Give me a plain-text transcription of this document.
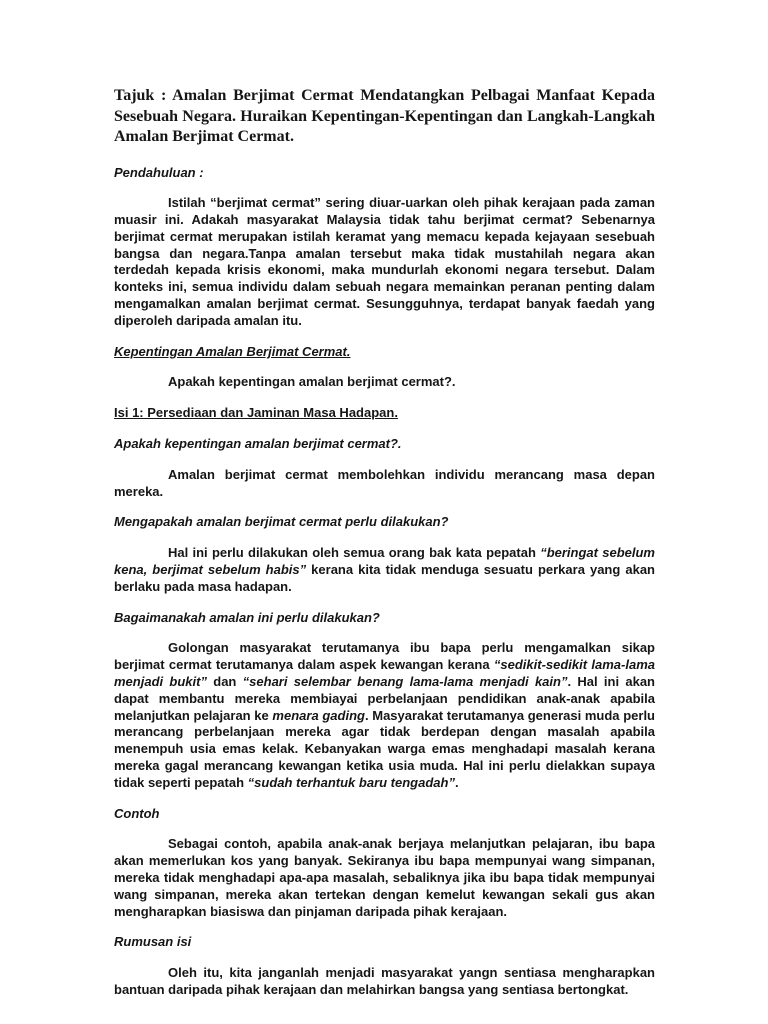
Tajuk : Amalan Berjimat Cermat Mendatangkan Pelbagai Manfaat Kepada Sesebuah Negara. Huraikan Kepentingan-Kepentingan dan Langkah-Langkah Amalan Berjimat Cermat.

Pendahuluan :

Istilah “berjimat cermat” sering diuar-uarkan oleh pihak kerajaan pada zaman muasir ini. Adakah masyarakat Malaysia tidak tahu berjimat cermat? Sebenarnya berjimat cermat merupakan istilah keramat yang memacu kepada kejayaan sesebuah bangsa dan negara.Tanpa amalan tersebut maka tidak mustahilah negara akan terdedah kepada krisis ekonomi, maka mundurlah ekonomi negara tersebut. Dalam konteks ini, semua individu dalam sebuah negara memainkan peranan penting dalam mengamalkan amalan berjimat cermat. Sesungguhnya, terdapat banyak faedah yang diperoleh daripada amalan itu.

Kepentingan Amalan Berjimat Cermat.

Apakah kepentingan amalan berjimat cermat?.

Isi 1: Persediaan dan Jaminan Masa Hadapan.

Apakah kepentingan amalan berjimat cermat?.

Amalan berjimat cermat membolehkan individu merancang masa depan mereka.

Mengapakah amalan berjimat cermat perlu dilakukan?

Hal ini perlu dilakukan oleh semua orang bak kata pepatah “beringat sebelum kena, berjimat sebelum habis” kerana kita tidak menduga sesuatu perkara yang akan berlaku pada masa hadapan.

Bagaimanakah amalan ini perlu dilakukan?

Golongan masyarakat terutamanya ibu bapa perlu mengamalkan sikap berjimat cermat terutamanya dalam aspek kewangan kerana “sedikit-sedikit lama-lama menjadi bukit” dan “sehari selembar benang lama-lama menjadi kain”. Hal ini akan dapat membantu mereka membiayai perbelanjaan pendidikan anak-anak apabila melanjutkan pelajaran ke menara gading. Masyarakat terutamanya generasi muda perlu merancang perbelanjaan mereka agar tidak berdepan dengan masalah apabila menempuh usia emas kelak. Kebanyakan warga emas menghadapi masalah kerana mereka gagal merancang kewangan ketika usia muda. Hal ini perlu dielakkan supaya tidak seperti pepatah “sudah terhantuk baru tengadah”.

Contoh

Sebagai contoh, apabila anak-anak berjaya melanjutkan pelajaran, ibu bapa akan memerlukan kos yang banyak. Sekiranya ibu bapa mempunyai wang simpanan, mereka tidak menghadapi apa-apa masalah, sebaliknya jika ibu bapa tidak mempunyai wang simpanan, mereka akan tertekan dengan kemelut kewangan sekali gus akan mengharapkan biasiswa dan pinjaman daripada pihak kerajaan.

Rumusan isi

Oleh itu, kita janganlah menjadi masyarakat yangn sentiasa mengharapkan bantuan daripada pihak kerajaan dan melahirkan bangsa yang sentiasa bertongkat.
